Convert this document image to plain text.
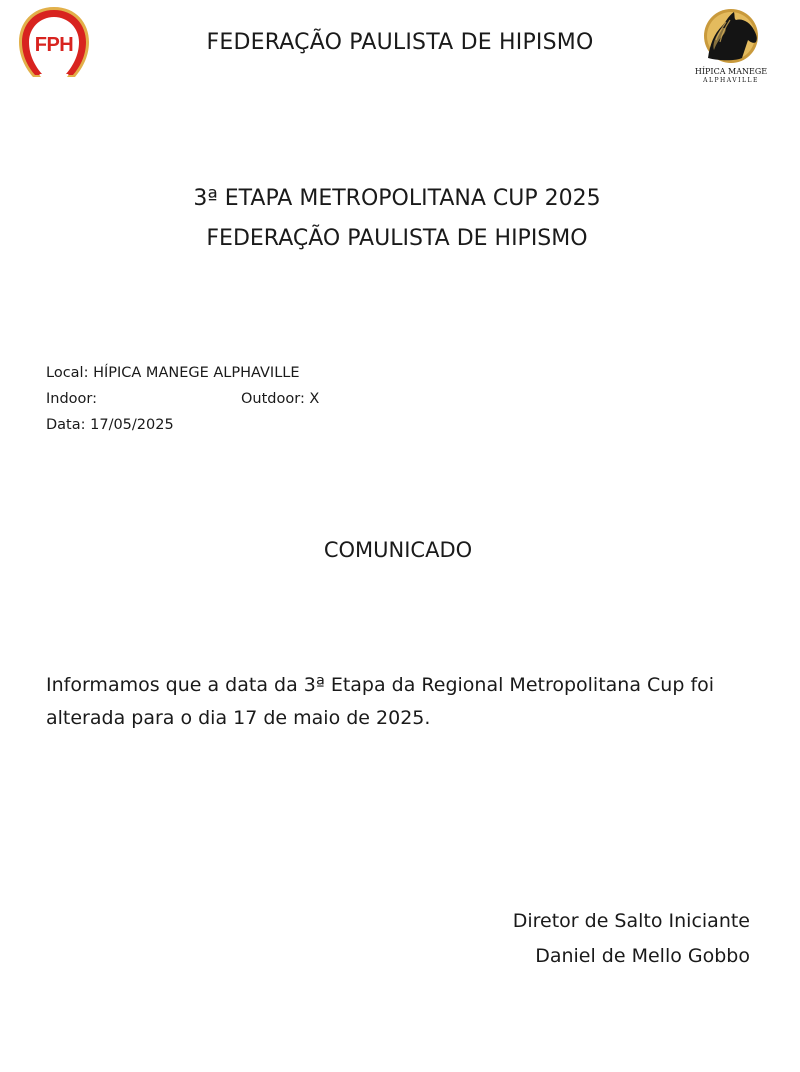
FPH	FEDERAÇÃO PAULISTA DE HIPISMO
HÍPICA MANEGE
ALPHAVILLE
3ª ETAPA METROPOLITANA CUP 2025
FEDERAÇÃO PAULISTA DE HIPISMO
Local: HÍPICA MANEGE ALPHAVILLE
Indoor:	Outdoor: X
Data: 17/05/2025
COMUNICADO
Informamos que a data da 3ª Etapa da Regional Metropolitana Cup foi alterada para o dia 17 de maio de 2025.
Diretor de Salto Iniciante
Daniel de Mello Gobbo
